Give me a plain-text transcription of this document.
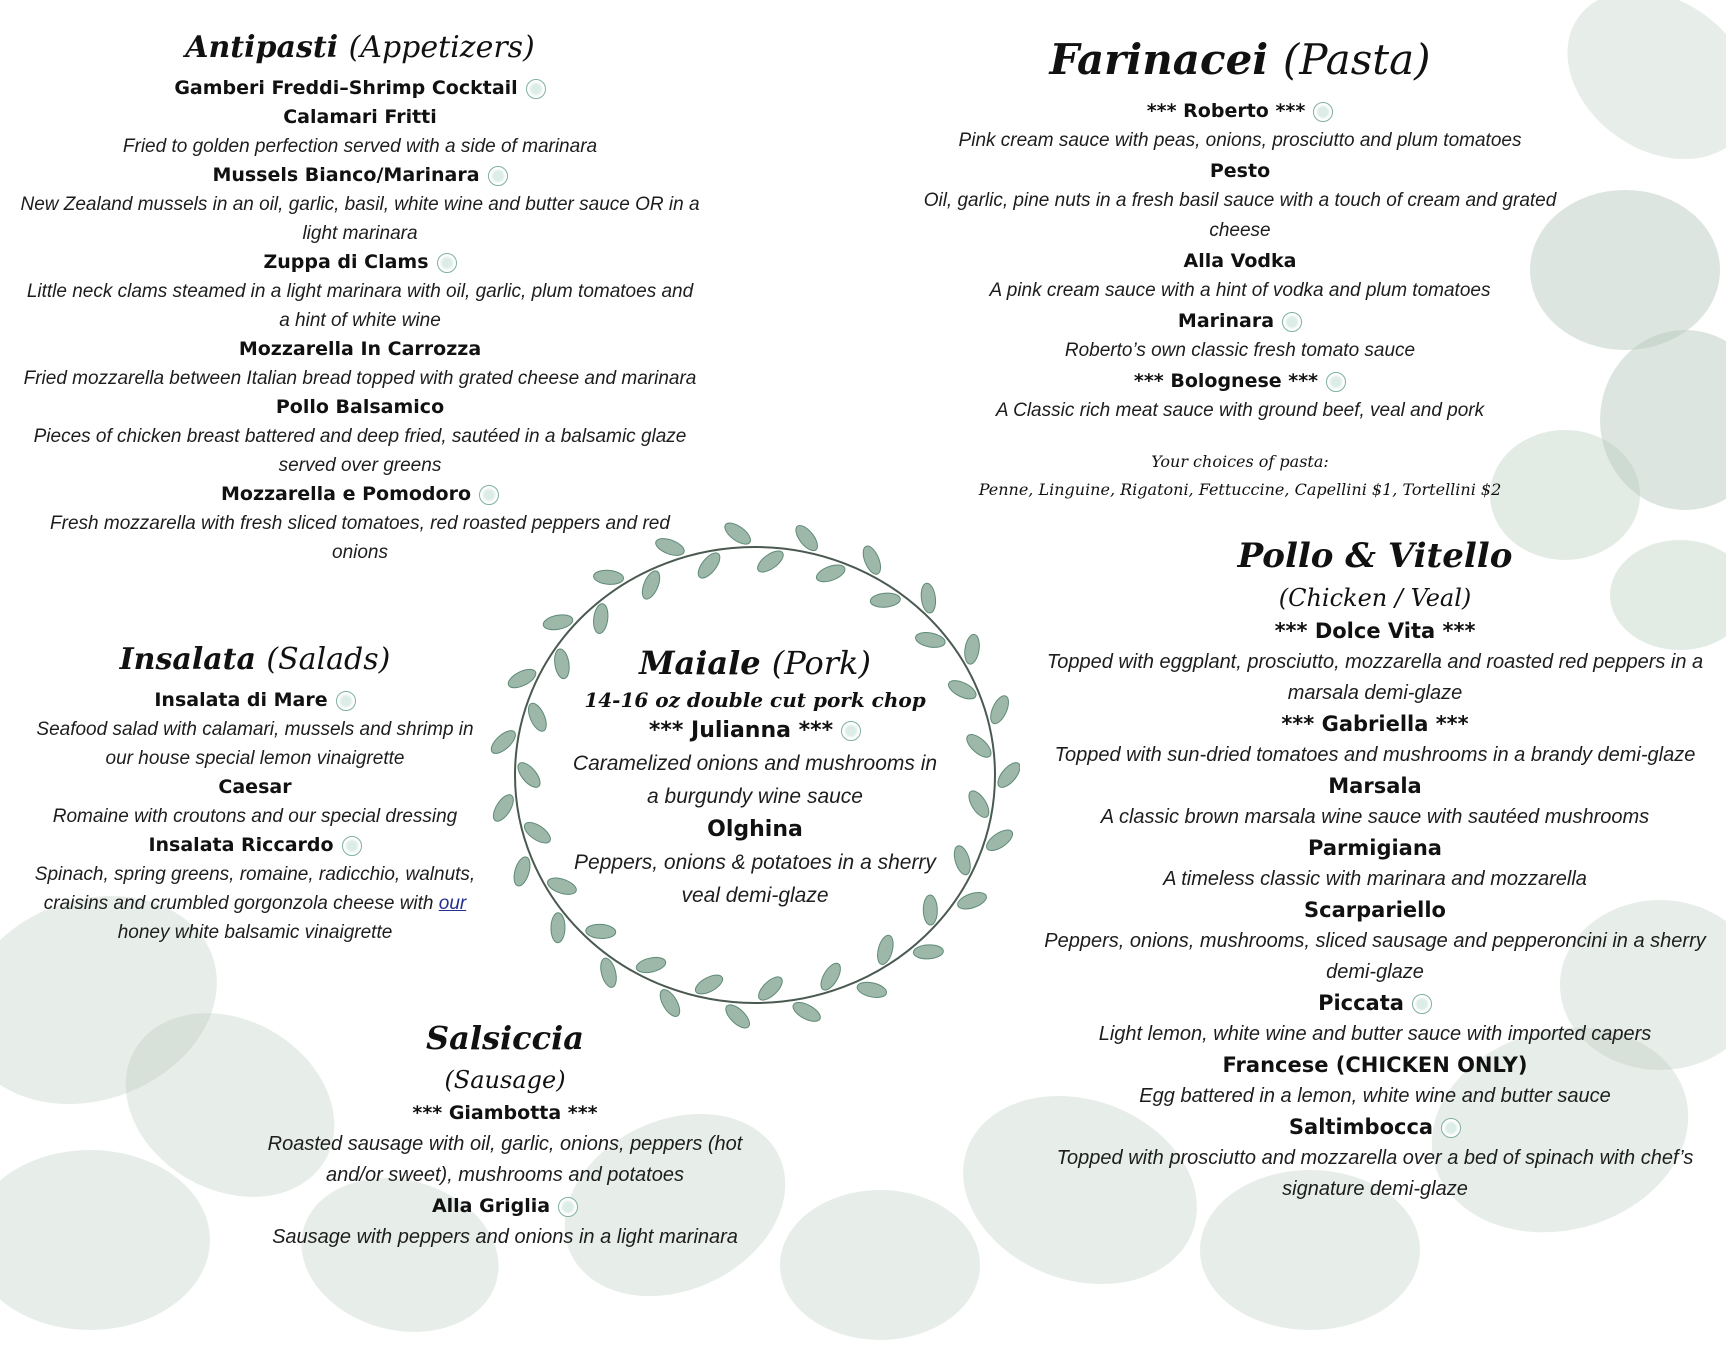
Antipasti (Appetizers)
Gamberi Freddi–Shrimp Cocktail
Calamari Fritti
Fried to golden perfection served with a side of marinara
Mussels Bianco/Marinara
New Zealand mussels in an oil, garlic, basil, white wine and butter sauce OR in a light marinara
Zuppa di Clams
Little neck clams steamed in a light marinara with oil, garlic, plum tomatoes and a hint of white wine
Mozzarella In Carrozza
Fried mozzarella between Italian bread topped with grated cheese and marinara
Pollo Balsamico
Pieces of chicken breast battered and deep fried, sautéed in a balsamic glaze served over greens
Mozzarella e Pomodoro
Fresh mozzarella with fresh sliced tomatoes, red roasted peppers and red onions
Insalata (Salads)
Insalata di Mare
Seafood salad with calamari, mussels and shrimp in our house special lemon vinaigrette
Caesar
Romaine with croutons and our special dressing
Insalata Riccardo
Spinach, spring greens, romaine, radicchio, walnuts, craisins and crumbled gorgonzola cheese with our honey white balsamic vinaigrette
Maiale (Pork)
14-16 oz double cut pork chop
*** Julianna ***
Caramelized onions and mushrooms in a burgundy wine sauce
Olghina
Peppers, onions & potatoes in a sherry veal demi-glaze
Salsiccia
(Sausage)
*** Giambotta ***
Roasted sausage with oil, garlic, onions, peppers (hot and/or sweet), mushrooms and potatoes
Alla Griglia
Sausage with peppers and onions in a light marinara
Farinacei (Pasta)
*** Roberto ***
Pink cream sauce with peas, onions, prosciutto and plum tomatoes
Pesto
Oil, garlic, pine nuts in a fresh basil sauce with a touch of cream and grated cheese
Alla Vodka
A pink cream sauce with a hint of vodka and plum tomatoes
Marinara
Roberto’s own classic fresh tomato sauce
*** Bolognese ***
A Classic rich meat sauce with ground beef, veal and pork
Your choices of pasta:
Penne, Linguine, Rigatoni, Fettuccine, Capellini $1, Tortellini $2
Pollo & Vitello
(Chicken / Veal)
*** Dolce Vita ***
Topped with eggplant, prosciutto, mozzarella and roasted red peppers in a marsala demi-glaze
*** Gabriella ***
Topped with sun-dried tomatoes and mushrooms in a brandy demi-glaze
Marsala
A classic brown marsala wine sauce with sautéed mushrooms
Parmigiana
A timeless classic with marinara and mozzarella
Scarpariello
Peppers, onions, mushrooms, sliced sausage and pepperoncini in a sherry demi-glaze
Piccata
Light lemon, white wine and butter sauce with imported capers
Francese (CHICKEN ONLY)
Egg battered in a lemon, white wine and butter sauce
Saltimbocca
Topped with prosciutto and mozzarella over a bed of spinach with chef’s signature demi-glaze
